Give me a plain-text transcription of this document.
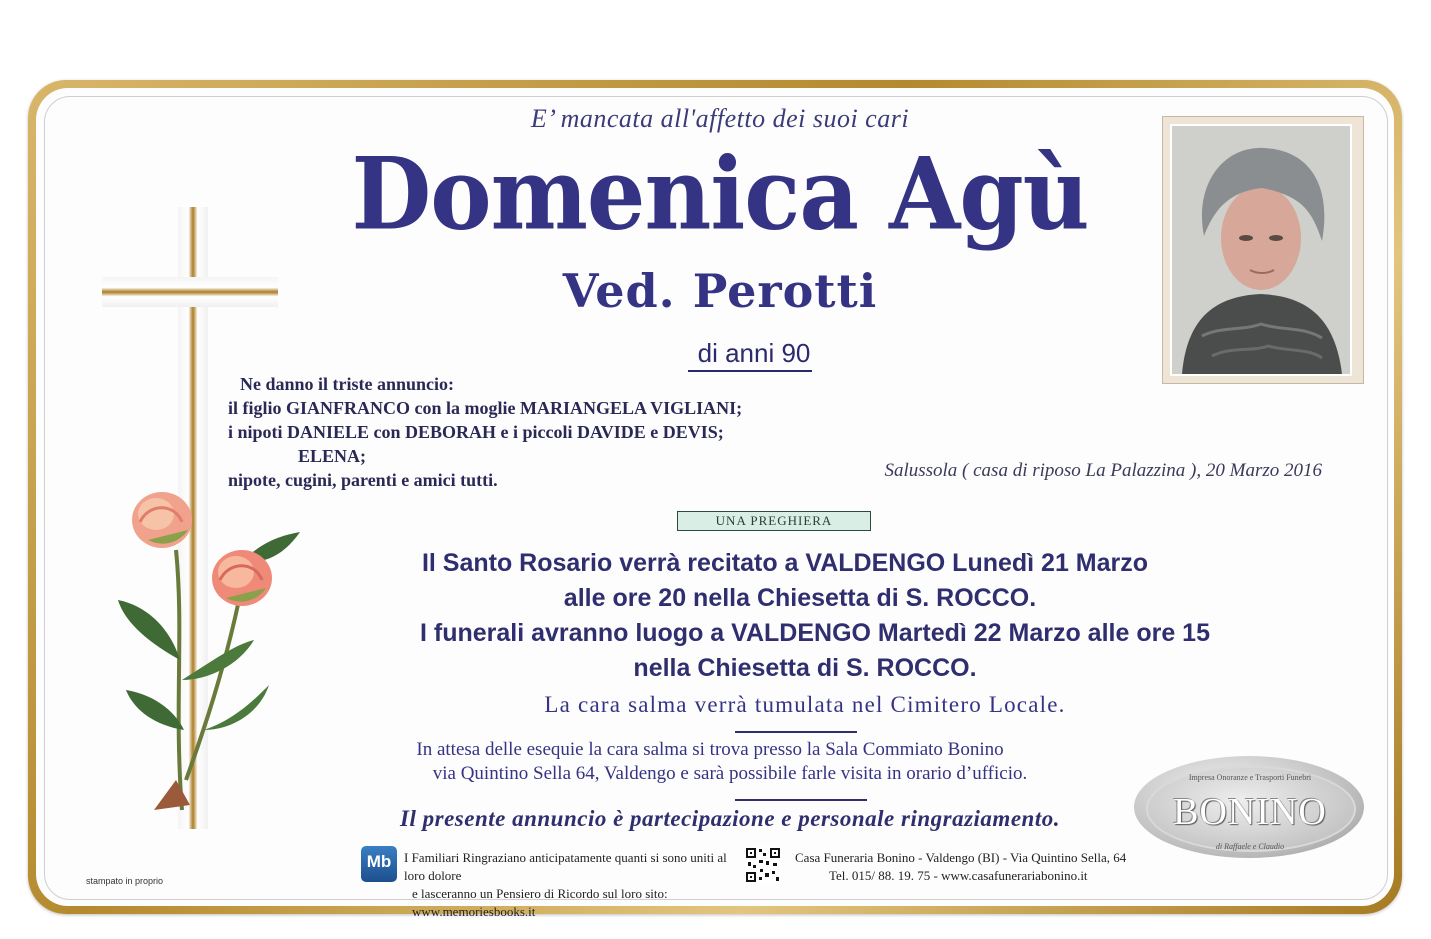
E’ mancata all'affetto dei suoi cari
Domenica Agù
Ved. Perotti
di anni 90
Ne danno il triste annuncio:
il figlio GIANFRANCO con la moglie MARIANGELA VIGLIANI;
i nipoti DANIELE con DEBORAH e i piccoli DAVIDE e DEVIS;
ELENA;
nipote, cugini, parenti e amici tutti.	Salussola ( casa di riposo La Palazzina ), 20 Marzo 2016
UNA PREGHIERA
Il Santo Rosario verrà recitato a VALDENGO Lunedì 21 Marzo
alle ore 20 nella Chiesetta di S. ROCCO.
I funerali avranno luogo a VALDENGO Martedì 22 Marzo alle ore 15
nella Chiesetta di S. ROCCO.
La cara salma verrà tumulata nel Cimitero Locale.
In attesa delle esequie la cara salma si trova presso la Sala Commiato Bonino
via Quintino Sella 64, Valdengo e sarà possibile farle visita in orario d’ufficio.
Il presente annuncio è partecipazione e personale ringraziamento.
Impresa Onoranze e Trasporti Funebri
BONINO
di Raffaele e Claudio
Mb I Familiari Ringraziano anticipatamente quanti si sono uniti al loro dolore
e lasceranno un Pensiero di Ricordo sul loro sito: www.memoriesbooks.it
Casa Funeraria Bonino - Valdengo (BI) - Via Quintino Sella, 64
Tel. 015/ 88. 19. 75 - www.casafunerariabonino.it
stampato in proprio
